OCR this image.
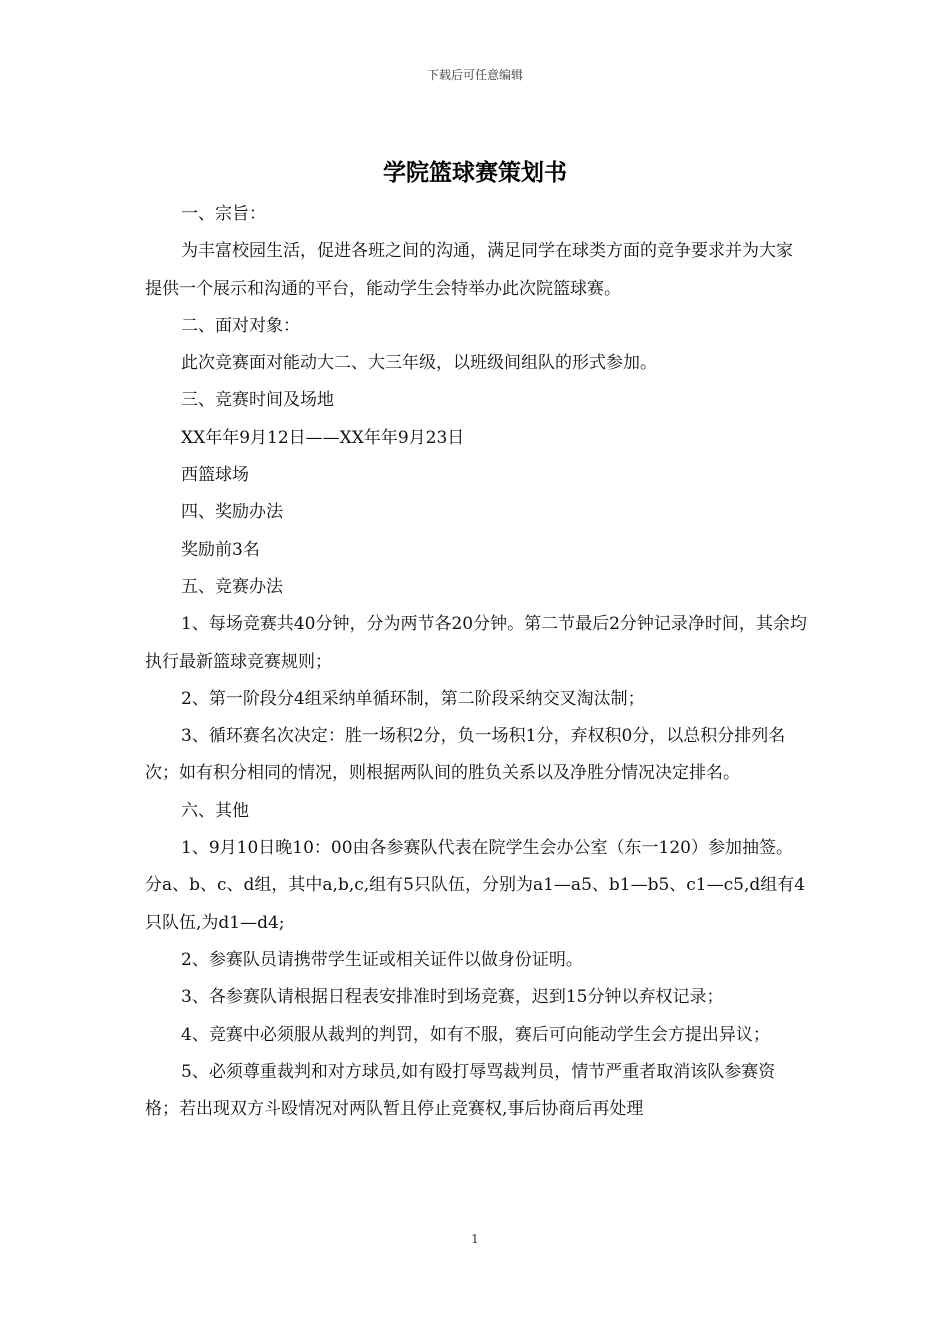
下载后可任意编辑
学院篮球赛策划书

一、宗旨：

为丰富校园生活，促进各班之间的沟通，满足同学在球类方面的竞争要求并为大家提供一个展示和沟通的平台，能动学生会特举办此次院篮球赛。

二、面对对象：

此次竞赛面对能动大二、大三年级，以班级间组队的形式参加。

三、竞赛时间及场地

XX年年9月12日——XX年年9月23日

西篮球场

四、奖励办法

奖励前3名

五、竞赛办法

1、每场竞赛共40分钟，分为两节各20分钟。第二节最后2分钟记录净时间，其余均执行最新篮球竞赛规则；

2、第一阶段分4组采纳单循环制，第二阶段采纳交叉淘汰制；

3、循环赛名次决定：胜一场积2分，负一场积1分，弃权积0分，以总积分排列名次；如有积分相同的情况，则根据两队间的胜负关系以及净胜分情况决定排名。

六、其他

1、9月10日晚10：00由各参赛队代表在院学生会办公室（东一120）参加抽签。分a、b、c、d组，其中a,b,c,组有5只队伍，分别为a1—a5、b1—b5、c1—c5,d组有4只队伍,为d1—d4;

2、参赛队员请携带学生证或相关证件以做身份证明。

3、各参赛队请根据日程表安排准时到场竞赛，迟到15分钟以弃权记录；

4、竞赛中必须服从裁判的判罚，如有不服，赛后可向能动学生会方提出异议；

5、必须尊重裁判和对方球员,如有殴打辱骂裁判员，情节严重者取消该队参赛资格；若出现双方斗殴情况对两队暂且停止竞赛权,事后协商后再处理

1
